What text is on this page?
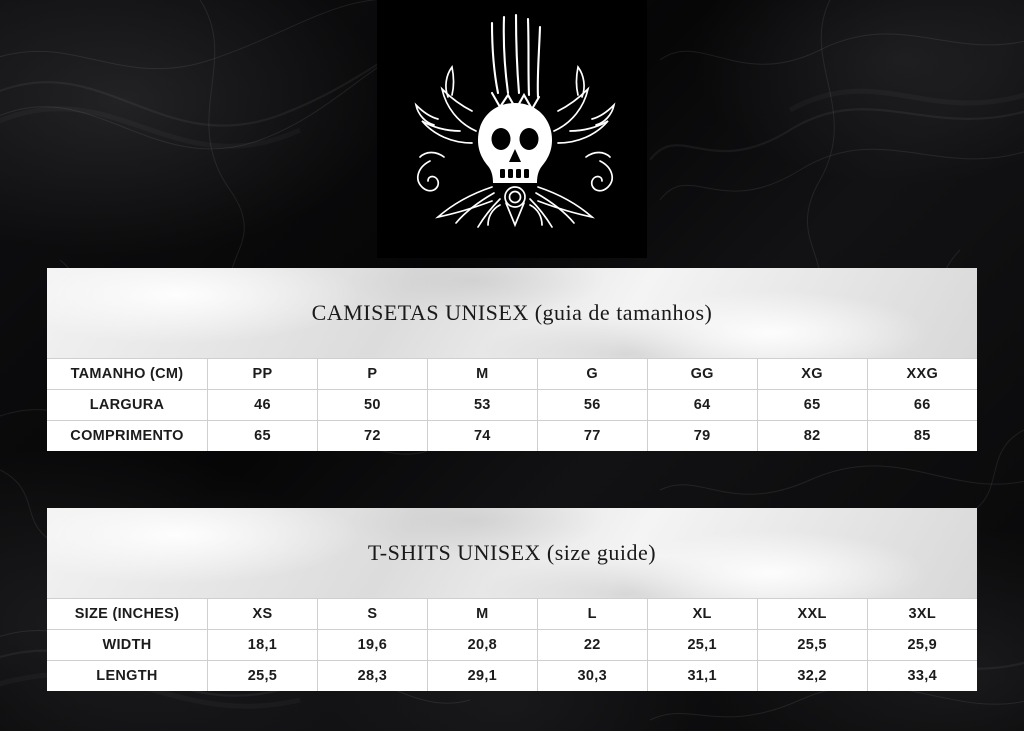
CAMISETAS UNISEX (guia de tamanhos)
TAMANHO (CM)	PP	P	M	G	GG	XG	XXG
LARGURA	46	50	53	56	64	65	66
COMPRIMENTO	65	72	74	77	79	82	85
T-SHITS UNISEX (size guide)
SIZE (INCHES)	XS	S	M	L	XL	XXL	3XL
WIDTH	18,1	19,6	20,8	22	25,1	25,5	25,9
LENGTH	25,5	28,3	29,1	30,3	31,1	32,2	33,4
